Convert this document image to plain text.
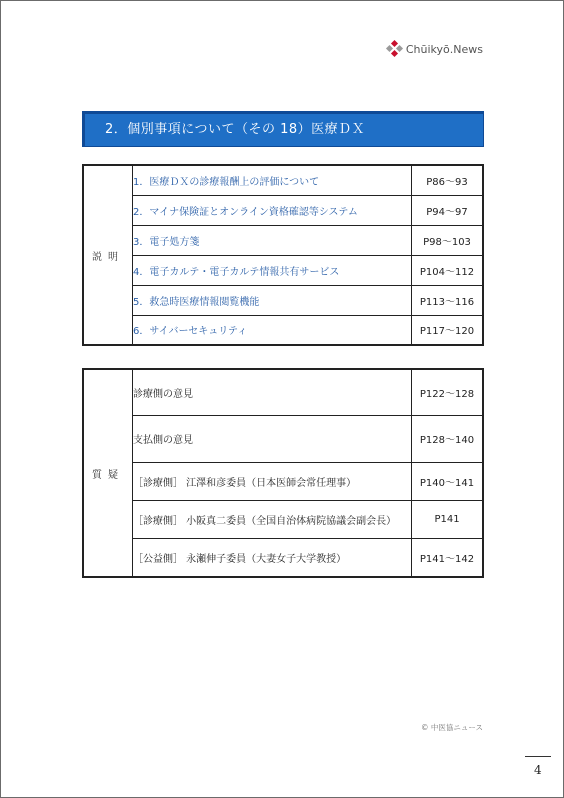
Chūikyō.News
2．個別事項について（その 18）医療ＤＸ
説明	1．医療ＤＸの診療報酬上の評価について	P86～93
	2．マイナ保険証とオンライン資格確認等システム	P94～97
	3．電子処方箋	P98～103
	4．電子カルテ・電子カルテ情報共有サービス	P104～112
	5．救急時医療情報閲覧機能	P113～116
	6．サイバーセキュリティ	P117～120
質疑	診療側の意見	P122～128
	支払側の意見	P128～140
	［診療側］ 江澤和彦委員（日本医師会常任理事）	P140～141
	［診療側］ 小阪真二委員（全国自治体病院協議会副会長）	P141
	［公益側］ 永瀬伸子委員（大妻女子大学教授）	P141～142
© 中医協ニュース
4
